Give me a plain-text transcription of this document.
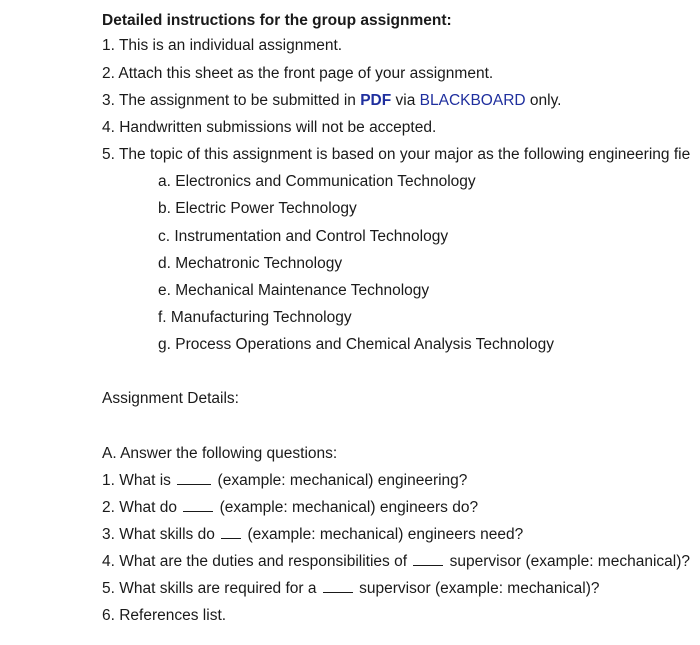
Detailed instructions for the group assignment:
1. This is an individual assignment.
2. Attach this sheet as the front page of your assignment.
3. The assignment to be submitted in PDF via BLACKBOARD only.
4. Handwritten submissions will not be accepted.
5. The topic of this assignment is based on your major as the following engineering fie
a. Electronics and Communication Technology
b. Electric Power Technology
c. Instrumentation and Control Technology
d. Mechatronic Technology
e. Mechanical Maintenance Technology
f. Manufacturing Technology
g. Process Operations and Chemical Analysis Technology
Assignment Details:
A. Answer the following questions:
1. What is	(example: mechanical) engineering?
2. What do	(example: mechanical) engineers do?
3. What skills do (example: mechanical) engineers need?
4. What are the duties and responsibilities of	supervisor (example: mechanical)?
5. What skills are required for a	supervisor (example: mechanical)?
6. References list.
